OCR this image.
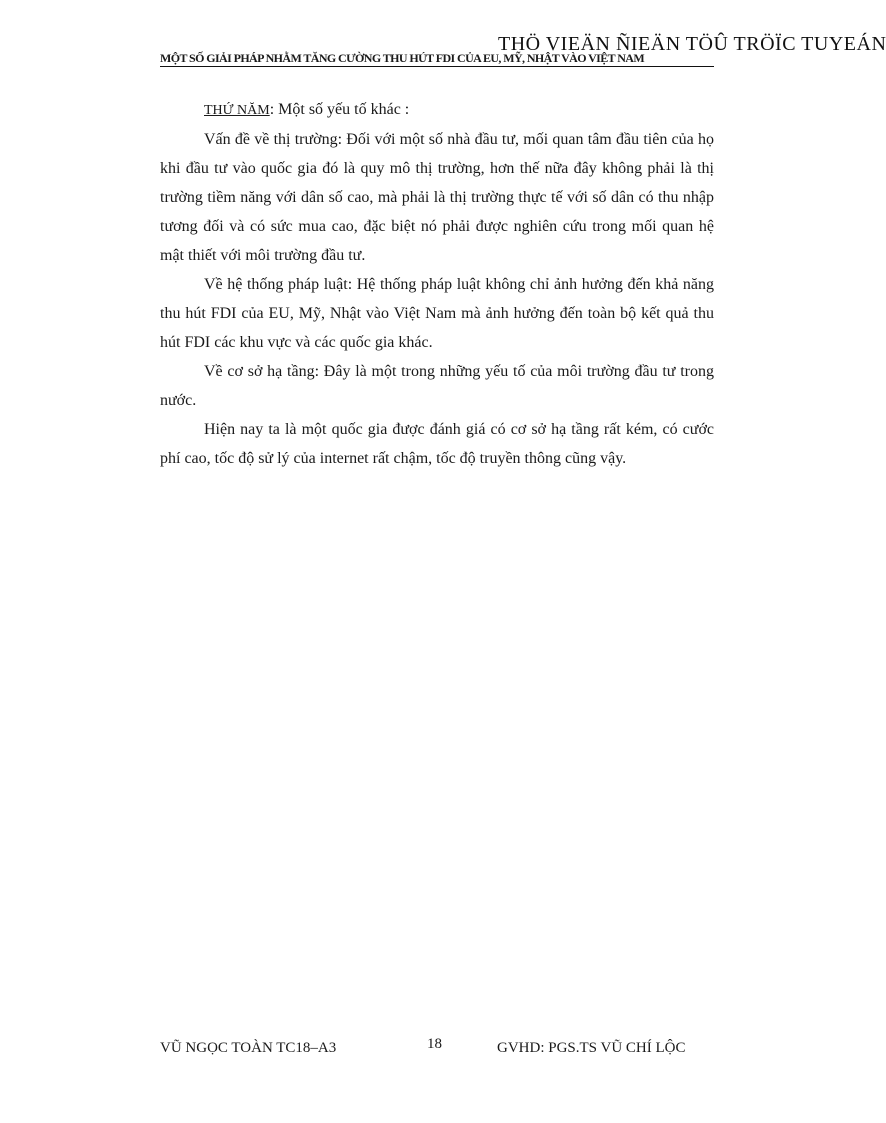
THÖ VIEÄN ÑIEÄN TÖÛ TRÖÏC TUYEÁN
MỘT SỐ GIẢI PHÁP NHẰM TĂNG CƯỜNG THU HÚT FDI CỦA EU, MỸ, NHẬT VÀO VIỆT NAM

THỨ NĂM: Một số yếu tố khác :

Vấn đề về thị trường: Đối với một số nhà đầu tư, mối quan tâm đầu tiên của họ khi đầu tư vào quốc gia đó là quy mô thị trường, hơn thế nữa đây không phải là thị trường tiềm năng với dân số cao, mà phải là thị trường thực tế với số dân có thu nhập tương đối và có sức mua cao, đặc biệt nó phải được nghiên cứu trong mối quan hệ mật thiết với môi trường đầu tư.

Về hệ thống pháp luật: Hệ thống pháp luật không chỉ ảnh hưởng đến khả năng thu hút FDI của EU, Mỹ, Nhật vào Việt Nam mà ảnh hưởng đến toàn bộ kết quả thu hút FDI các khu vực và các quốc gia khác.

Về cơ sở hạ tầng: Đây là một trong những yếu tố của môi trường đầu tư trong nước.

Hiện nay ta là một quốc gia được đánh giá có cơ sở hạ tầng rất kém, có cước phí cao, tốc độ sử lý của internet rất chậm, tốc độ truyền thông cũng vậy.

VŨ NGỌC TOÀN TC18–A3	18	GVHD: PGS.TS VŨ CHÍ LỘC
